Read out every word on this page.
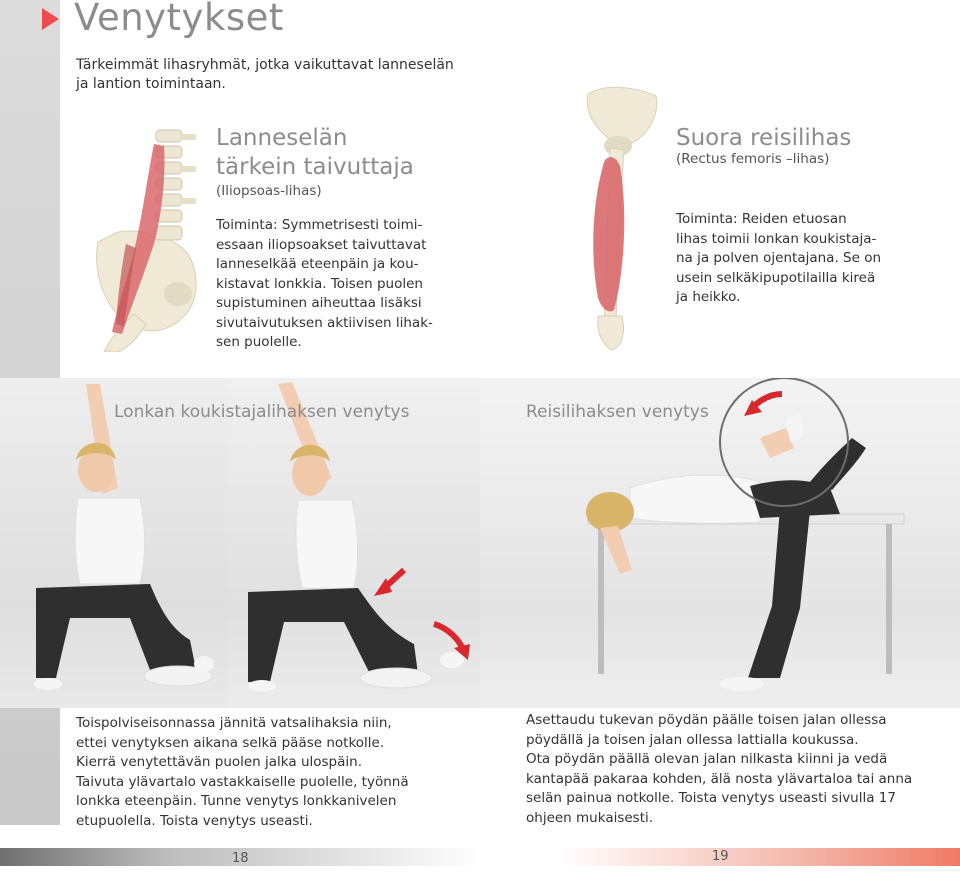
Venytykset
Tärkeimmät lihasryhmät, jotka vaikuttavat lanneselän ja lantion toimintaan.
Lanneselän
tärkein taivuttaja
(Iliopsoas-lihas)
Toiminta: Symmetrisesti toimi-
essaan iliopsoakset taivuttavat
lanneselkää eteenpäin ja kou-
kistavat lonkkia. Toisen puolen
supistuminen aiheuttaa lisäksi
sivutaivutuksen aktiivisen lihak-
sen puolelle.
Suora reisilihas
(Rectus femoris –lihas)
Toiminta: Reiden etuosan
lihas toimii lonkan koukistaja-
na ja polven ojentajana. Se on
usein selkäkipupotilailla kireä
ja heikko.
Lonkan koukistajalihaksen venytys	Reisilihaksen venytys
Toispolviseisonnassa jännitä vatsalihaksia niin,
ettei venytyksen aikana selkä pääse notkolle.
Kierrä venytettävän puolen jalka ulospäin.
Taivuta ylävartalo vastakkaiselle puolelle, työnnä
lonkka eteenpäin. Tunne venytys lonkkanivelen
etupuolella. Toista venytys useasti.
Asettaudu tukevan pöydän päälle toisen jalan ollessa
pöydällä ja toisen jalan ollessa lattialla koukussa.
Ota pöydän päällä olevan jalan nilkasta kiinni ja vedä
kantapää pakaraa kohden, älä nosta ylävartaloa tai anna
selän painua notkolle. Toista venytys useasti sivulla 17
ohjeen mukaisesti.
18	19
